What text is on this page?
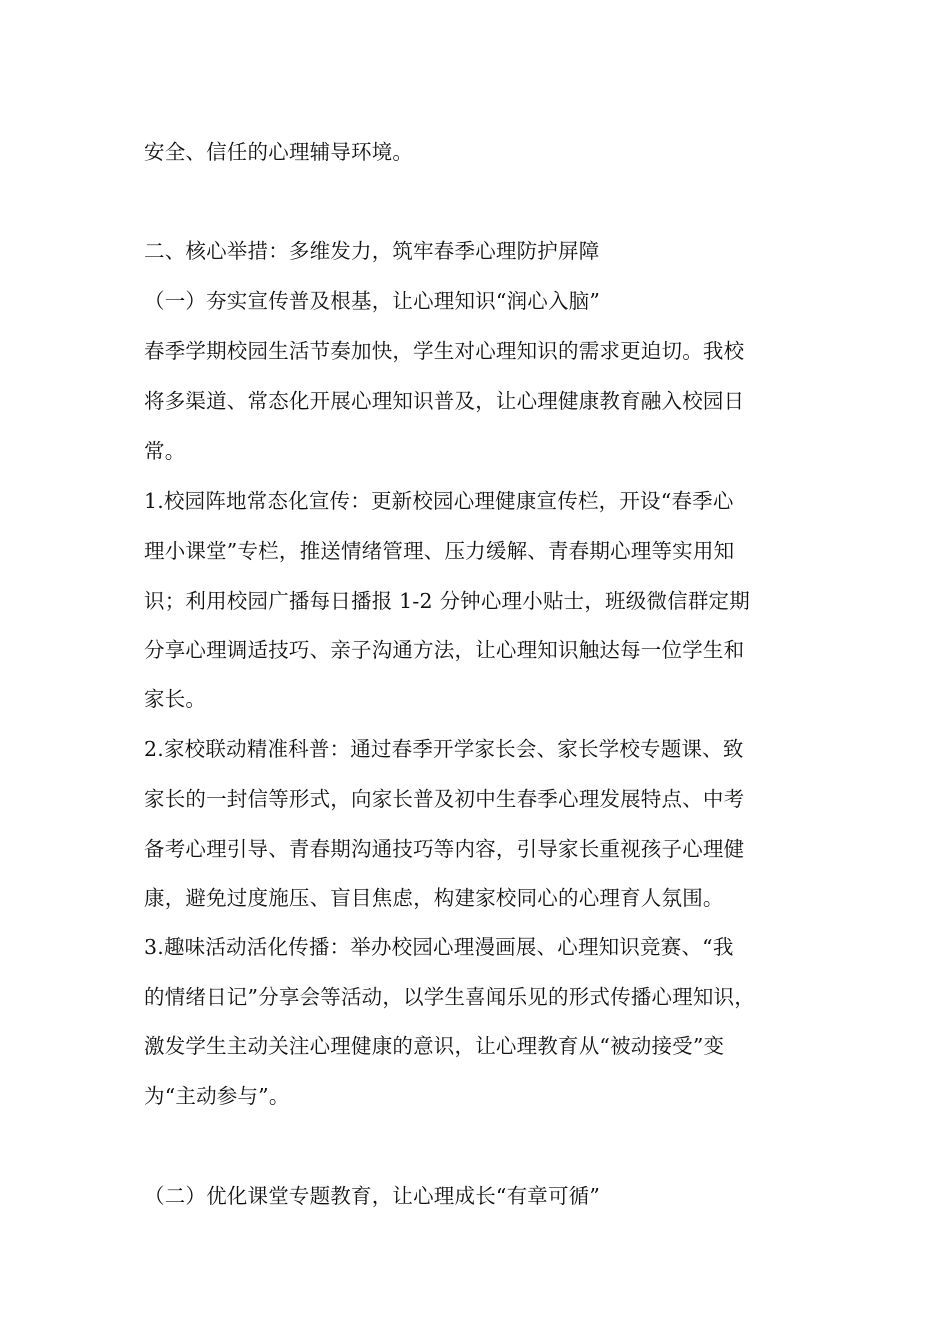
安全、信任的心理辅导环境。
二、核心举措：多维发力，筑牢春季心理防护屏障
（一）夯实宣传普及根基，让心理知识“润心入脑”
春季学期校园生活节奏加快，学生对心理知识的需求更迫切。我校
将多渠道、常态化开展心理知识普及，让心理健康教育融入校园日
常。
1.校园阵地常态化宣传：更新校园心理健康宣传栏，开设“春季心
理小课堂”专栏，推送情绪管理、压力缓解、青春期心理等实用知
识；利用校园广播每日播报 1-2 分钟心理小贴士，班级微信群定期
分享心理调适技巧、亲子沟通方法，让心理知识触达每一位学生和
家长。
2.家校联动精准科普：通过春季开学家长会、家长学校专题课、致
家长的一封信等形式，向家长普及初中生春季心理发展特点、中考
备考心理引导、青春期沟通技巧等内容，引导家长重视孩子心理健
康，避免过度施压、盲目焦虑，构建家校同心的心理育人氛围。
3.趣味活动活化传播：举办校园心理漫画展、心理知识竞赛、“我
的情绪日记”分享会等活动，以学生喜闻乐见的形式传播心理知识，
激发学生主动关注心理健康的意识，让心理教育从“被动接受”变
为“主动参与”。
（二）优化课堂专题教育，让心理成长“有章可循”
